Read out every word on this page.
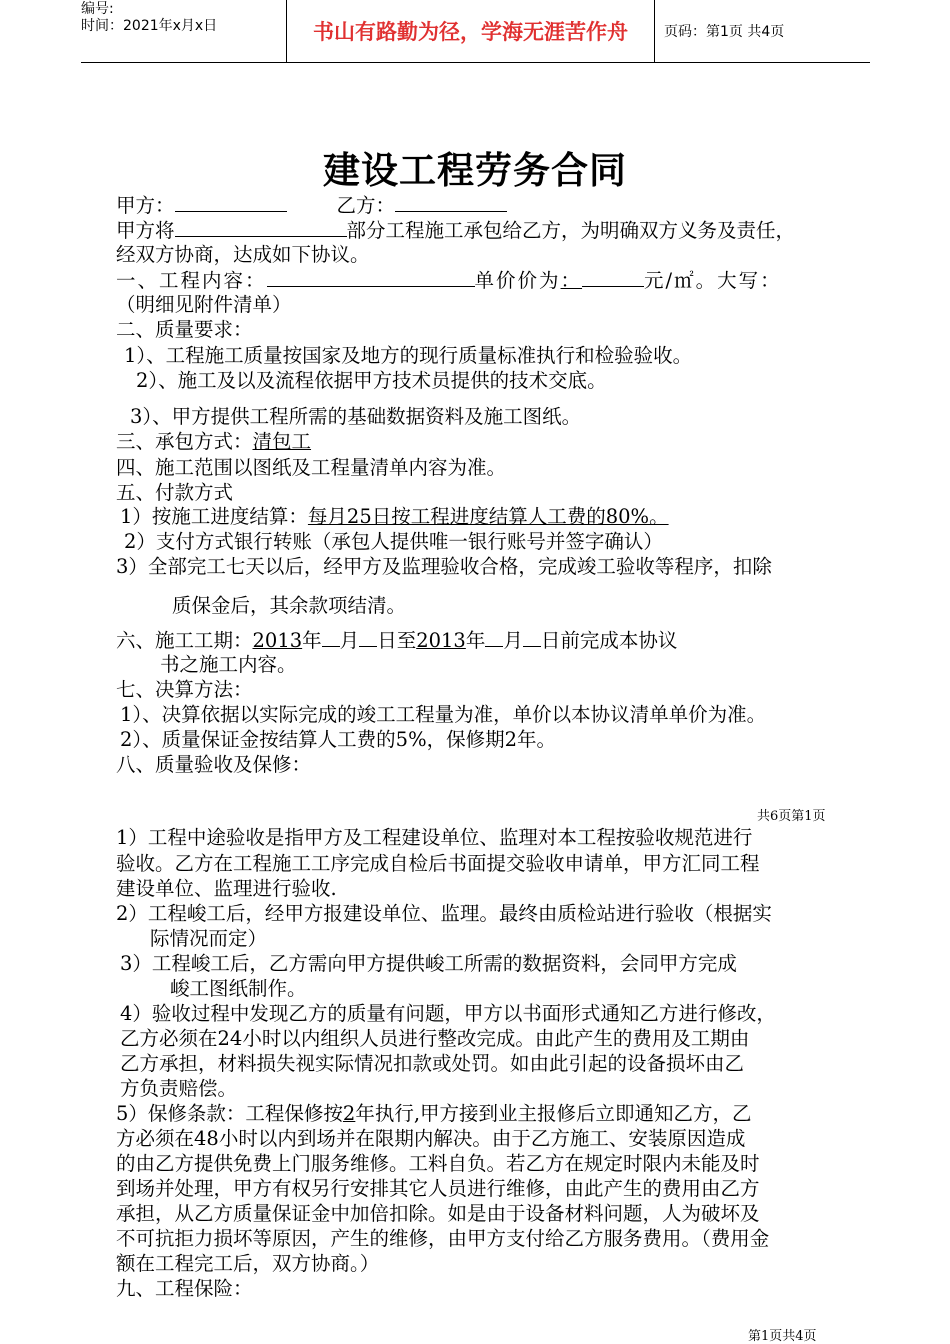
编号:
时间：2021年x月x日	书山有路勤为径，学海无涯苦作舟	页码：第1页 共4页
建设工程劳务合同
甲方：	乙方：
甲方将	部分工程施工承包给乙方，为明确双方义务及责任，
经双方协商，达成如下协议。
一、工程内容：	单价价为：	元/㎡。大写：
（明细见附件清单）
二、质量要求：
1）、工程施工质量按国家及地方的现行质量标准执行和检验验收。
2）、施工及以及流程依据甲方技术员提供的技术交底。
3）、甲方提供工程所需的基础数据资料及施工图纸。
三、承包方式：清包工
四、施工范围以图纸及工程量清单内容为准。
五、付款方式
1）按施工进度结算：每月25日按工程进度结算人工费的80%。
2）支付方式银行转账（承包人提供唯一银行账号并签字确认）
3）全部完工七天以后，经甲方及监理验收合格，完成竣工验收等程序，扣除
质保金后，其余款项结清。
六、施工工期：2013年 月 日至2013年 月 日前完成本协议
书之施工内容。
七、决算方法：
1）、决算依据以实际完成的竣工工程量为准，单价以本协议清单单价为准。
2）、质量保证金按结算人工费的5%，保修期2年。
八、质量验收及保修：
共6页第1页
1）工程中途验收是指甲方及工程建设单位、监理对本工程按验收规范进行
验收。乙方在工程施工工序完成自检后书面提交验收申请单，甲方汇同工程
建设单位、监理进行验收.
2）工程峻工后，经甲方报建设单位、监理。最终由质检站进行验收（根据实
际情况而定）
3）工程峻工后，乙方需向甲方提供峻工所需的数据资料，会同甲方完成
峻工图纸制作。
4）验收过程中发现乙方的质量有问题，甲方以书面形式通知乙方进行修改，
乙方必须在24小时以内组织人员进行整改完成。由此产生的费用及工期由
乙方承担，材料损失视实际情况扣款或处罚。如由此引起的设备损坏由乙
方负责赔偿。
5）保修条款：工程保修按2年执行,甲方接到业主报修后立即通知乙方，乙
方必须在48小时以内到场并在限期内解决。由于乙方施工、安装原因造成
的由乙方提供免费上门服务维修。工料自负。若乙方在规定时限内未能及时
到场并处理，甲方有权另行安排其它人员进行维修，由此产生的费用由乙方
承担，从乙方质量保证金中加倍扣除。如是由于设备材料问题，人为破坏及
不可抗拒力损坏等原因，产生的维修，由甲方支付给乙方服务费用。（费用金
额在工程完工后，双方协商。）
九、工程保险：
第1页共4页
